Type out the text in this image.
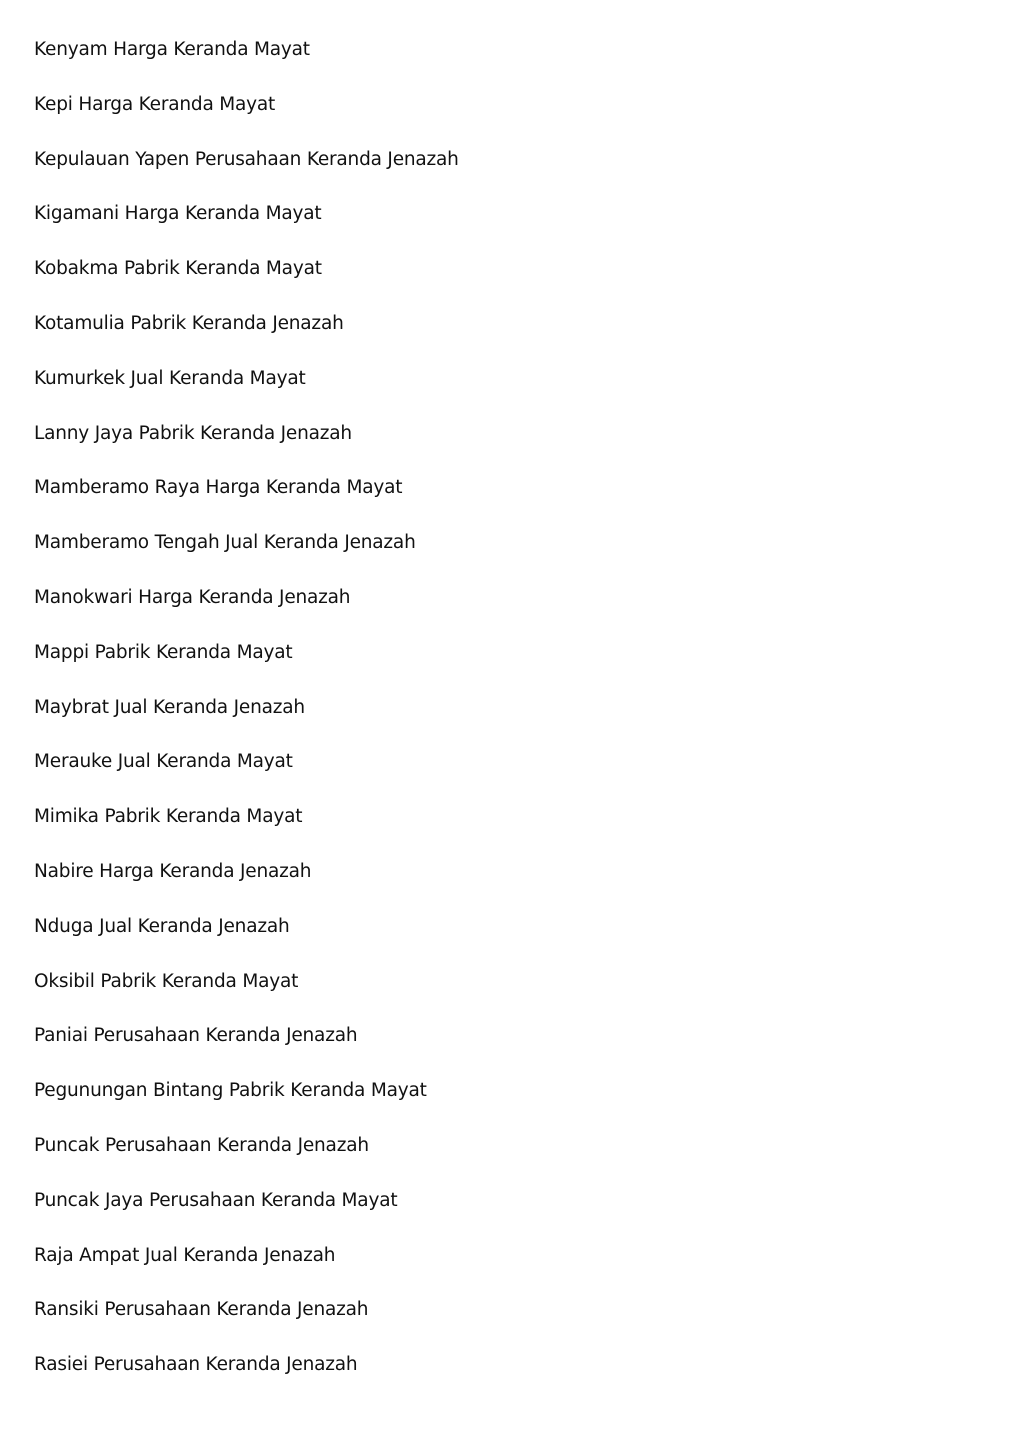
Kenyam Harga Keranda Mayat
Kepi Harga Keranda Mayat
Kepulauan Yapen Perusahaan Keranda Jenazah
Kigamani Harga Keranda Mayat
Kobakma Pabrik Keranda Mayat
Kotamulia Pabrik Keranda Jenazah
Kumurkek Jual Keranda Mayat
Lanny Jaya Pabrik Keranda Jenazah
Mamberamo Raya Harga Keranda Mayat
Mamberamo Tengah Jual Keranda Jenazah
Manokwari Harga Keranda Jenazah
Mappi Pabrik Keranda Mayat
Maybrat Jual Keranda Jenazah
Merauke Jual Keranda Mayat
Mimika Pabrik Keranda Mayat
Nabire Harga Keranda Jenazah
Nduga Jual Keranda Jenazah
Oksibil Pabrik Keranda Mayat
Paniai Perusahaan Keranda Jenazah
Pegunungan Bintang Pabrik Keranda Mayat
Puncak Perusahaan Keranda Jenazah
Puncak Jaya Perusahaan Keranda Mayat
Raja Ampat Jual Keranda Jenazah
Ransiki Perusahaan Keranda Jenazah
Rasiei Perusahaan Keranda Jenazah
